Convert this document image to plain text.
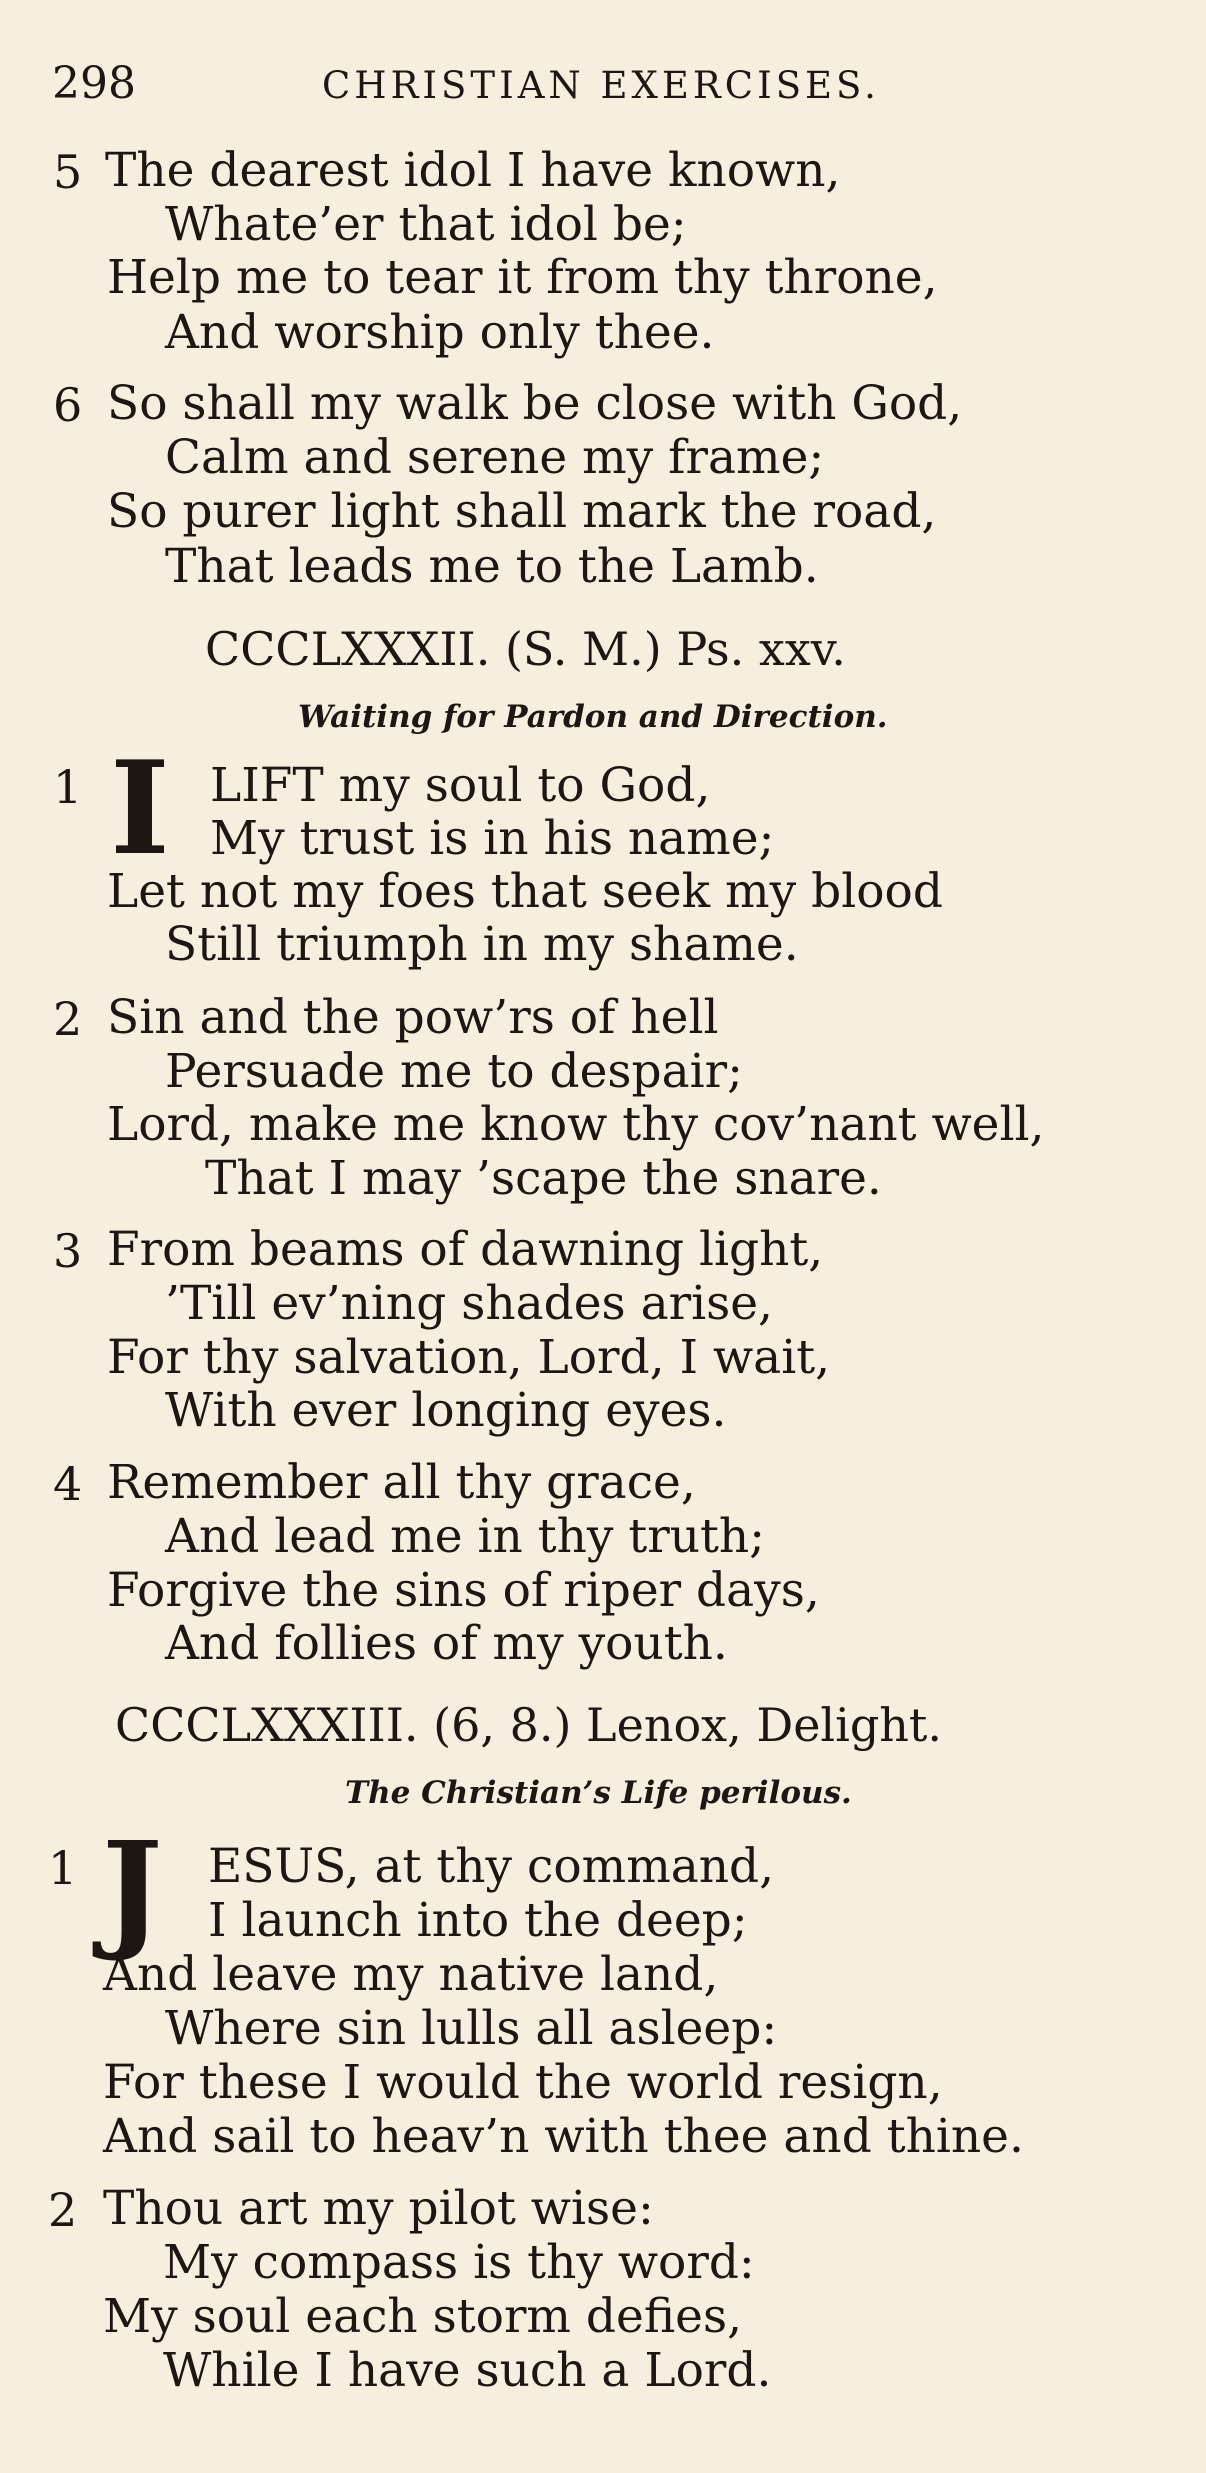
298	CHRISTIAN EXERCISES.
5 The dearest idol I have known,
Whate’er that idol be;
Help me to tear it from thy throne,
And worship only thee.
6 So shall my walk be close with God,
Calm and serene my frame;
So purer light shall mark the road,
That leads me to the Lamb.
CCCLXXXII. (S. M.) Ps. xxv.
Waiting for Pardon and Direction.
1 I LIFT my soul to God,
My trust is in his name;
Let not my foes that seek my blood
Still triumph in my shame.
2 Sin and the pow’rs of hell
Persuade me to despair;
Lord, make me know thy cov’nant well,
That I may ’scape the snare.
3 From beams of dawning light,
’Till ev’ning shades arise,
For thy salvation, Lord, I wait,
With ever longing eyes.
4 Remember all thy grace,
And lead me in thy truth;
Forgive the sins of riper days,
And follies of my youth.
CCCLXXXIII. (6, 8.) Lenox, Delight.
The Christian’s Life perilous.
1 J ESUS, at thy command,
I launch into the deep;
And leave my native land,
Where sin lulls all asleep:
For these I would the world resign,
And sail to heav’n with thee and thine.
2 Thou art my pilot wise:
My compass is thy word:
My soul each storm defies,
While I have such a Lord.
